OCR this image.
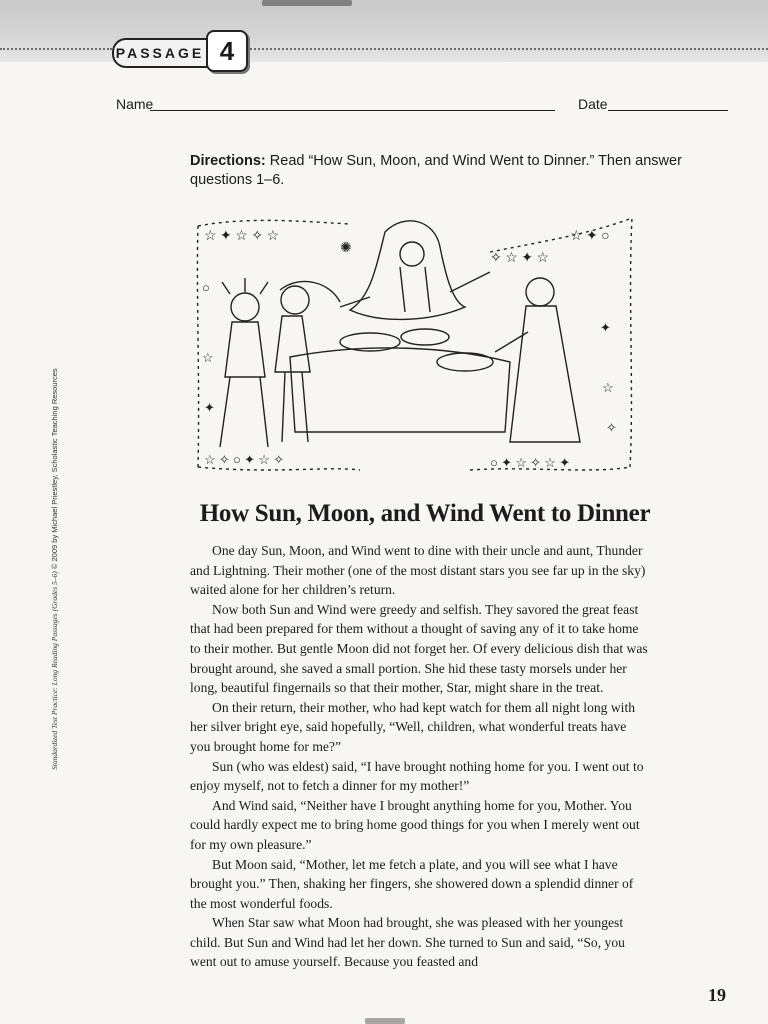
PASSAGE 4
Name	Date
Directions: Read “How Sun, Moon, and Wind Went to Dinner.” Then answer questions 1–6.
☆ ✦ ☆ ✧ ☆
✺
✧ ☆ ✦ ☆
☆ ✦ ○
☆ ✧ ○ ✦ ☆ ✧	○ ✦ ☆ ✧ ☆ ✦
✦
☆
✧
○
☆
✦
Standardized Test Practice: Long Reading Passages (Grades 5–6) © 2009 by Michael Priestley, Scholastic Teaching Resources	How Sun, Moon, and Wind Went to Dinner

One day Sun, Moon, and Wind went to dine with their uncle and aunt, Thunder and Lightning. Their mother (one of the most distant stars you see far up in the sky) waited alone for her children’s return.

Now both Sun and Wind were greedy and selfish. They savored the great feast that had been prepared for them without a thought of saving any of it to take home to their mother. But gentle Moon did not forget her. Of every delicious dish that was brought around, she saved a small portion. She hid these tasty morsels under her long, beautiful fingernails so that their mother, Star, might share in the treat.

On their return, their mother, who had kept watch for them all night long with her silver bright eye, said hopefully, “Well, children, what wonderful treats have you brought home for me?”

Sun (who was eldest) said, “I have brought nothing home for you. I went out to enjoy myself, not to fetch a dinner for my mother!”

And Wind said, “Neither have I brought anything home for you, Mother. You could hardly expect me to bring home good things for you when I merely went out for my own pleasure.”

But Moon said, “Mother, let me fetch a plate, and you will see what I have brought you.” Then, shaking her fingers, she showered down a splendid dinner of the most wonderful foods.

When Star saw what Moon had brought, she was pleased with her youngest child. But Sun and Wind had let her down. She turned to Sun and said, “So, you went out to amuse yourself. Because you feasted and

19
